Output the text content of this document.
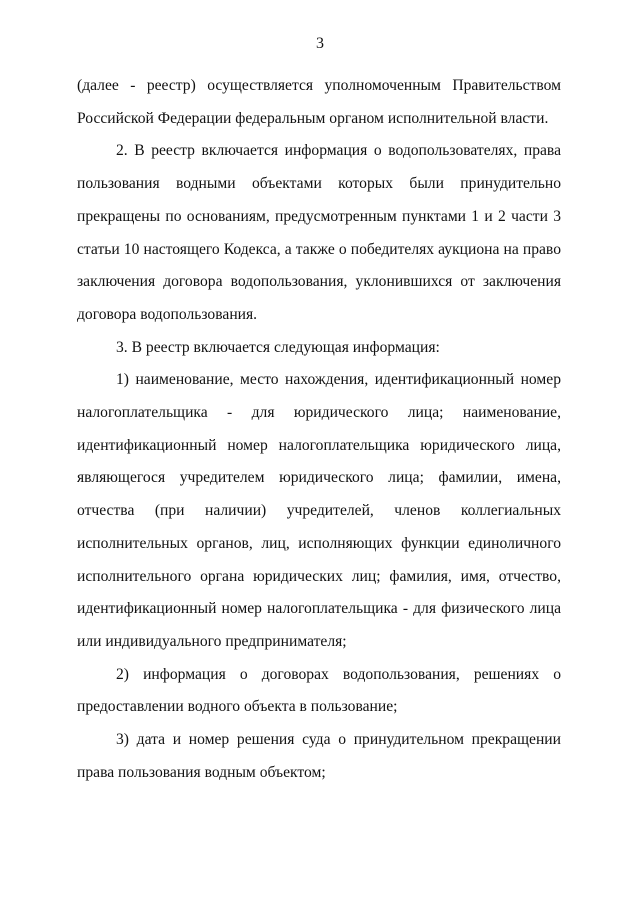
3

(далее - реестр) осуществляется уполномоченным Правительством Российской Федерации федеральным органом исполнительной власти.

2. В реестр включается информация о водопользователях, права пользования водными объектами которых были принудительно прекращены по основаниям, предусмотренным пунктами 1 и 2 части 3 статьи 10 настоящего Кодекса, а также о победителях аукциона на право заключения договора водопользования, уклонившихся от заключения договора водопользования.

3. В реестр включается следующая информация:

1) наименование, место нахождения, идентификационный номер налогоплательщика - для юридического лица; наименование, идентификационный номер налогоплательщика юридического лица, являющегося учредителем юридического лица; фамилии, имена, отчества (при наличии) учредителей, членов коллегиальных исполнительных органов, лиц, исполняющих функции единоличного исполнительного органа юридических лиц; фамилия, имя, отчество, идентификационный номер налогоплательщика - для физического лица или индивидуального предпринимателя;

2) информация о договорах водопользования, решениях о предоставлении водного объекта в пользование;

3) дата и номер решения суда о принудительном прекращении права пользования водным объектом;
